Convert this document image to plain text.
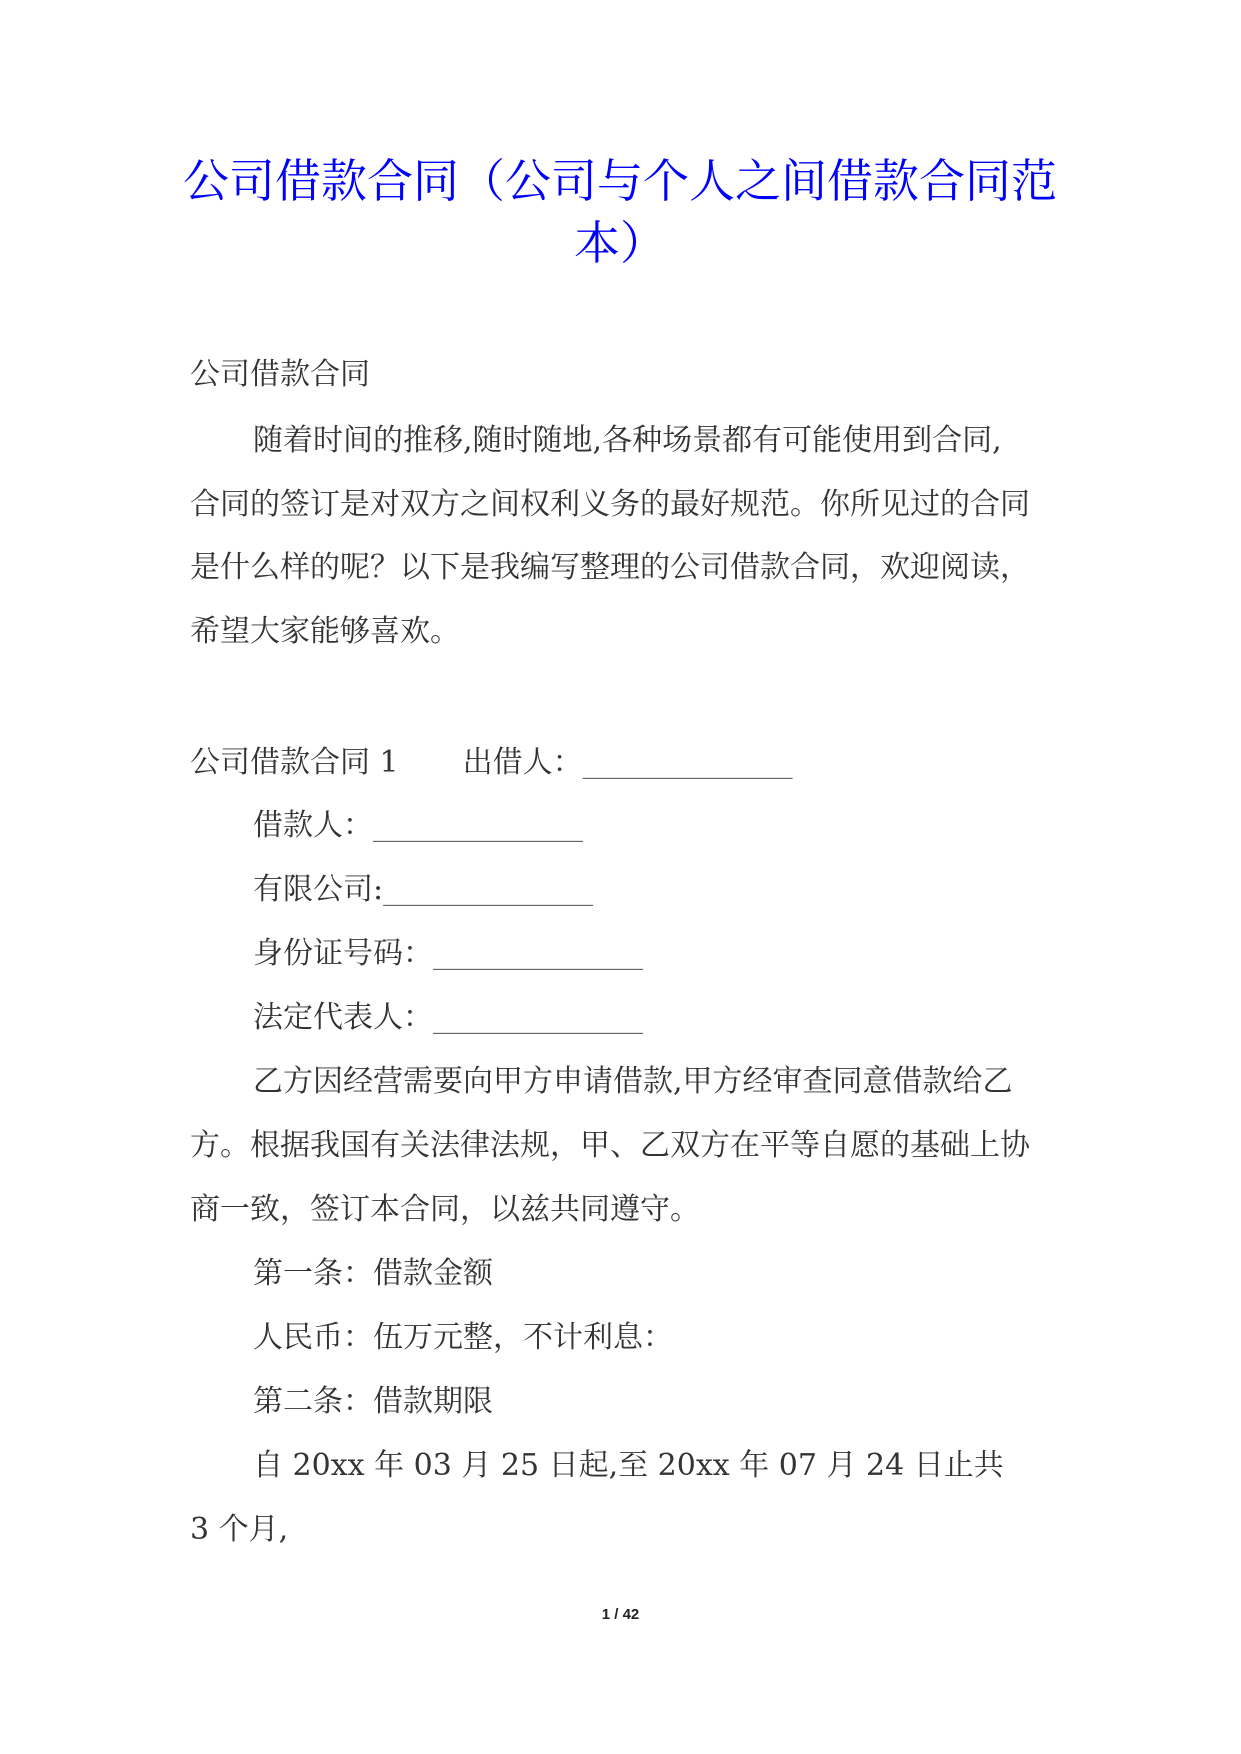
公司借款合同（公司与个人之间借款合同范
本）

公司借款合同

随着时间的推移,随时随地,各种场景都有可能使用到合同,

合同的签订是对双方之间权利义务的最好规范。你所见过的合同

是什么样的呢？以下是我编写整理的公司借款合同，欢迎阅读，

希望大家能够喜欢。

公司借款合同 1 出借人：______________

借款人：______________

有限公司:______________

身份证号码：______________

法定代表人：______________

乙方因经营需要向甲方申请借款,甲方经审查同意借款给乙

方。根据我国有关法律法规，甲、乙双方在平等自愿的基础上协

商一致，签订本合同，以兹共同遵守。

第一条：借款金额

人民币：伍万元整，不计利息：

第二条：借款期限

自 20xx 年 03 月 25 日起,至 20xx 年 07 月 24 日止共

3 个月,

1 / 42
